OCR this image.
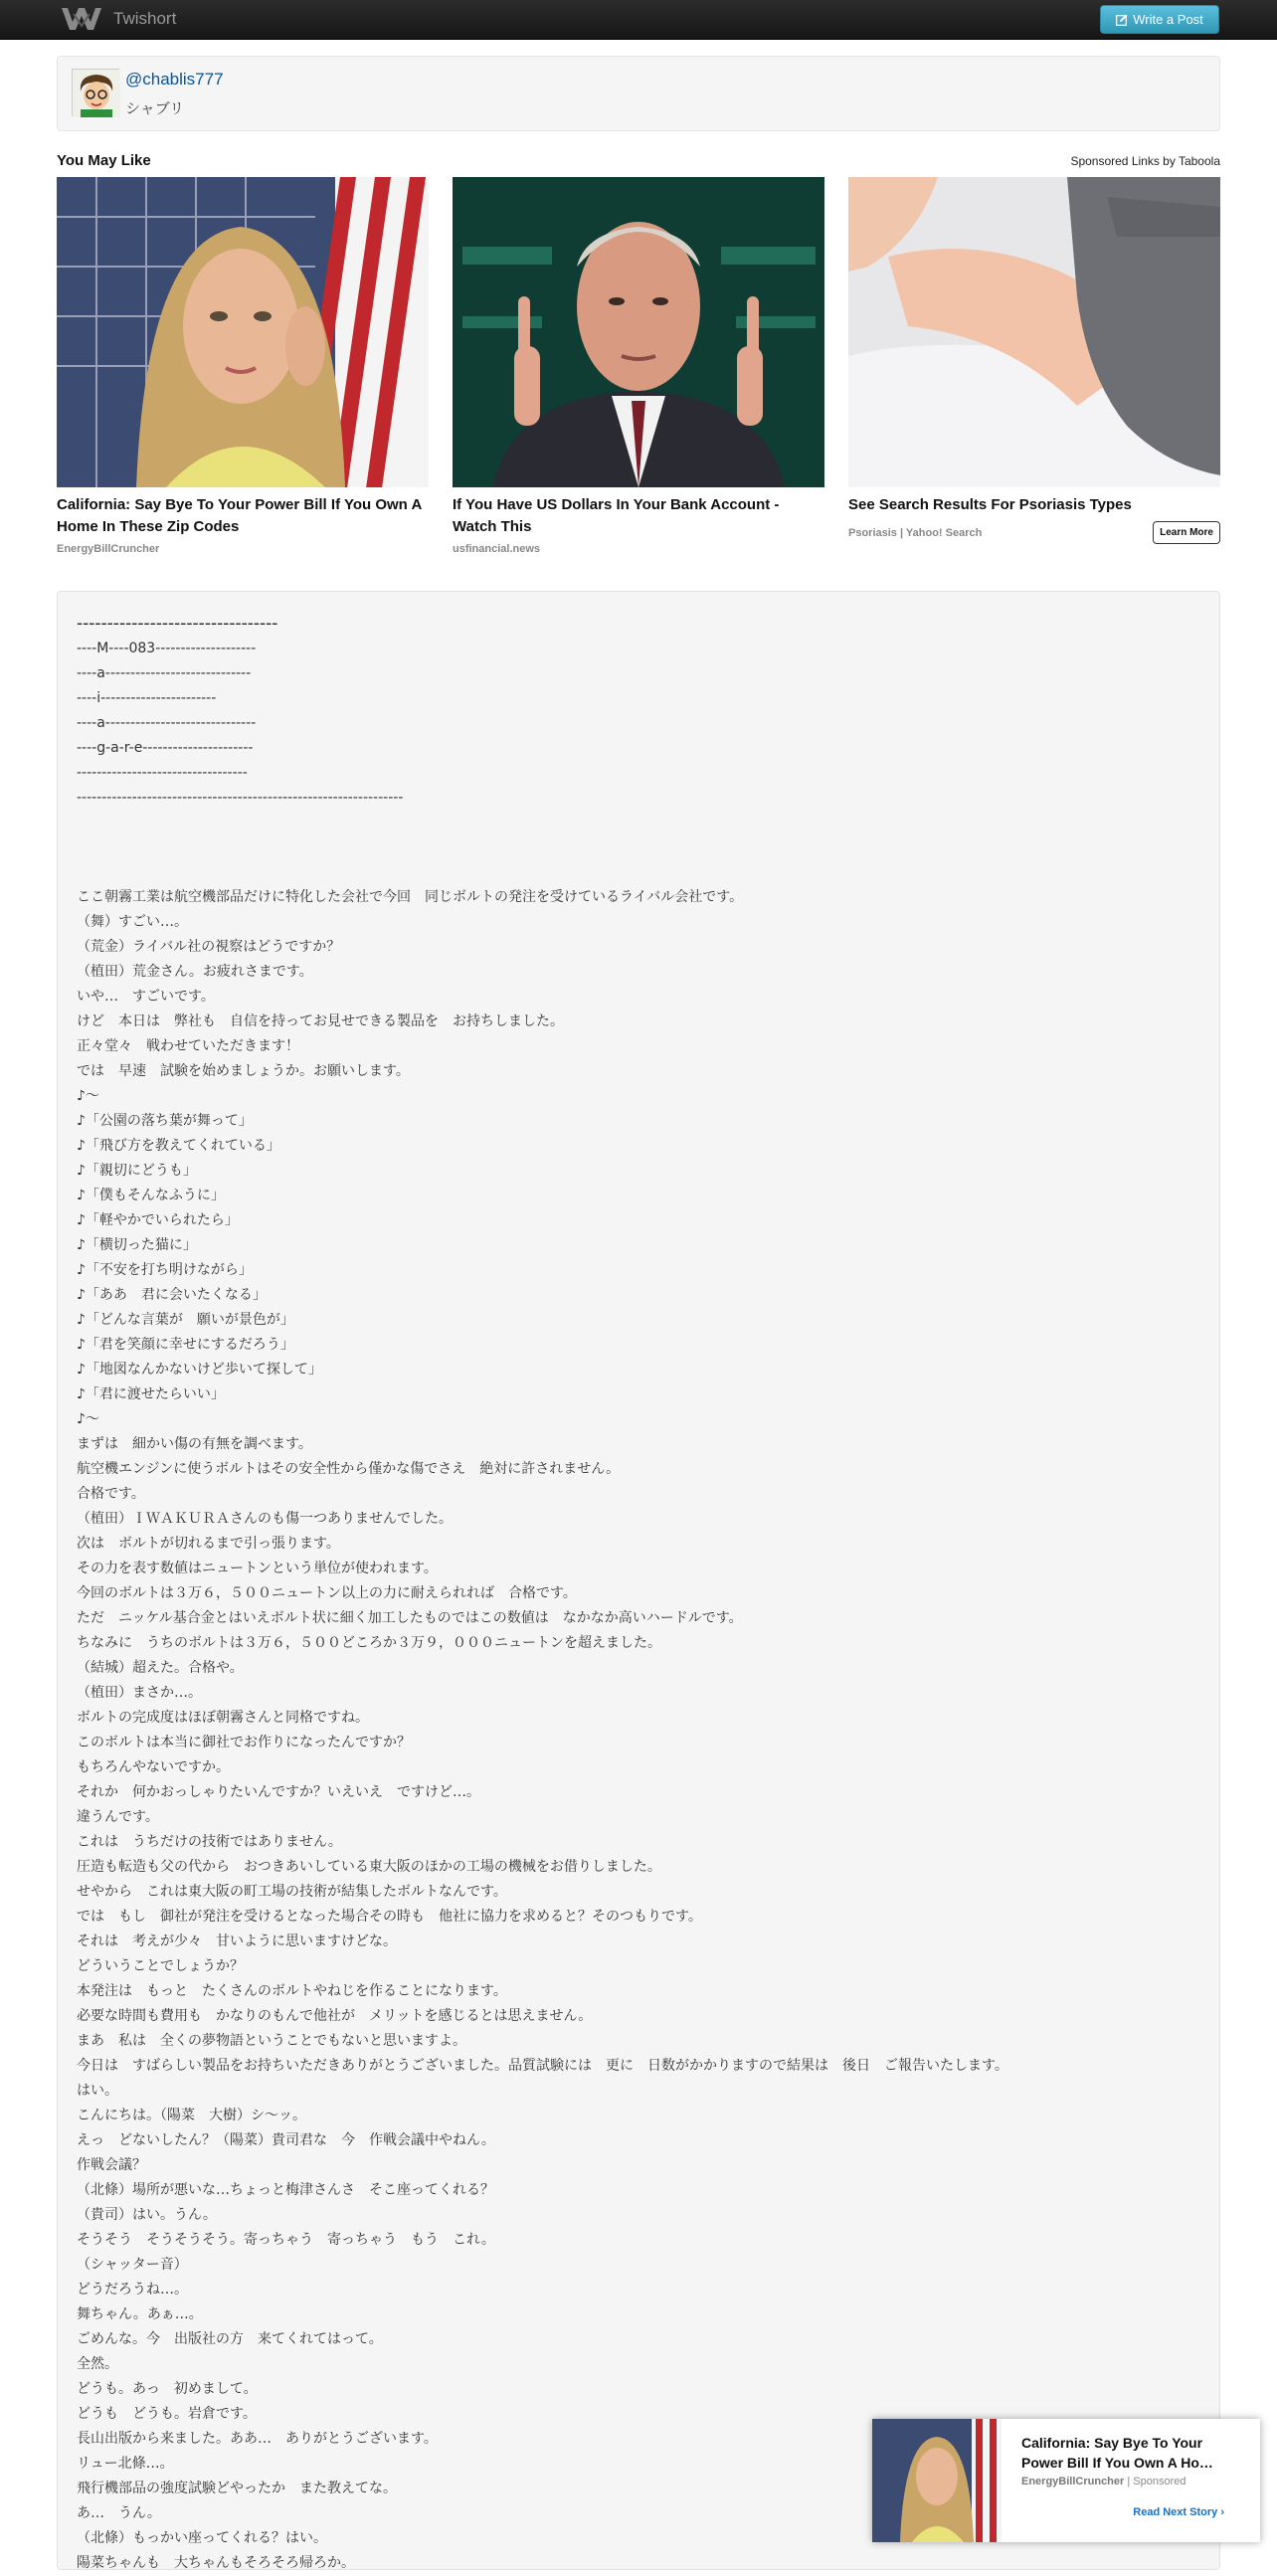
Twishort	Write a Post
@chablis777
シャブリ
You May Like	Sponsored Links by Taboola
California: Say Bye To Your Power Bill If You Own A Home In These Zip Codes
EnergyBillCruncher
If You Have US Dollars In Your Bank Account - Watch This
usfinancial.news
See Search Results For Psoriasis Types
Psoriasis | Yahoo! Search	Learn More
---------------------------------
----M----083--------------------
----a-----------------------------
----i-----------------------
----a------------------------------
----g-a-r-e----------------------
----------------------------------
-----------------------------------------------------------------

ここ朝霧工業は航空機部品だけに特化した会社で今回　同じボルトの発注を受けているライバル会社です。
（舞）すごい…。
（荒金）ライバル社の視察はどうですか？
（植田）荒金さん。お疲れさまです。
いや…　すごいです。
けど　本日は　弊社も　自信を持ってお見せできる製品を　お持ちしました。
正々堂々　戦わせていただきます！
では　早速　試験を始めましょうか。お願いします。
♪～
♪「公園の落ち葉が舞って」
♪「飛び方を教えてくれている」
♪「親切にどうも」
♪「僕もそんなふうに」
♪「軽やかでいられたら」
♪「横切った猫に」
♪「不安を打ち明けながら」
♪「ああ　君に会いたくなる」
♪「どんな言葉が　願いが景色が」
♪「君を笑顔に幸せにするだろう」
♪「地図なんかないけど歩いて探して」
♪「君に渡せたらいい」
♪～
まずは　細かい傷の有無を調べます。
航空機エンジンに使うボルトはその安全性から僅かな傷でさえ　絶対に許されません。
合格です。
（植田）ＩＷＡＫＵＲＡさんのも傷一つありませんでした。
次は　ボルトが切れるまで引っ張ります。
その力を表す数値はニュートンという単位が使われます。
今回のボルトは３万６，５００ニュートン以上の力に耐えられれば　合格です。
ただ　ニッケル基合金とはいえボルト状に細く加工したものではこの数値は　なかなか高いハードルです。
ちなみに　うちのボルトは３万６，５００どころか３万９，０００ニュートンを超えました。
（結城）超えた。合格や。
（植田）まさか…。
ボルトの完成度はほぼ朝霧さんと同格ですね。
このボルトは本当に御社でお作りになったんですか？
もちろんやないですか。
それか　何かおっしゃりたいんですか？いえいえ　ですけど…。
違うんです。
これは　うちだけの技術ではありません。
圧造も転造も父の代から　おつきあいしている東大阪のほかの工場の機械をお借りしました。
せやから　これは東大阪の町工場の技術が結集したボルトなんです。
では　もし　御社が発注を受けるとなった場合その時も　他社に協力を求めると？そのつもりです。
それは　考えが少々　甘いように思いますけどな。
どういうことでしょうか？
本発注は　もっと　たくさんのボルトやねじを作ることになります。
必要な時間も費用も　かなりのもんで他社が　メリットを感じるとは思えません。
まあ　私は　全くの夢物語ということでもないと思いますよ。
今日は　すばらしい製品をお持ちいただきありがとうございました。品質試験には　更に　日数がかかりますので結果は　後日　ご報告いたします。
はい。
こんにちは。（陽菜　大樹）シ～ッ。
えっ　どないしたん？（陽菜）貴司君な　今　作戦会議中やねん。
作戦会議？
（北條）場所が悪いな…ちょっと梅津さんさ　そこ座ってくれる？
（貴司）はい。うん。
そうそう　そうそうそう。寄っちゃう　寄っちゃう　もう　これ。
（シャッター音）
どうだろうね…。
舞ちゃん。あぁ…。
ごめんな。今　出版社の方　来てくれてはって。
全然。
どうも。あっ　初めまして。
どうも　どうも。岩倉です。
長山出版から来ました。ああ…　ありがとうございます。
リュー北條…。
飛行機部品の強度試験どやったか　また教えてな。
あ…　うん。
（北條）もっかい座ってくれる？はい。
陽菜ちゃんも　大ちゃんもそろそろ帰ろか。
California: Say Bye To Your Power Bill If You Own A Ho…
EnergyBillCruncher | Sponsored
Read Next Story ›
